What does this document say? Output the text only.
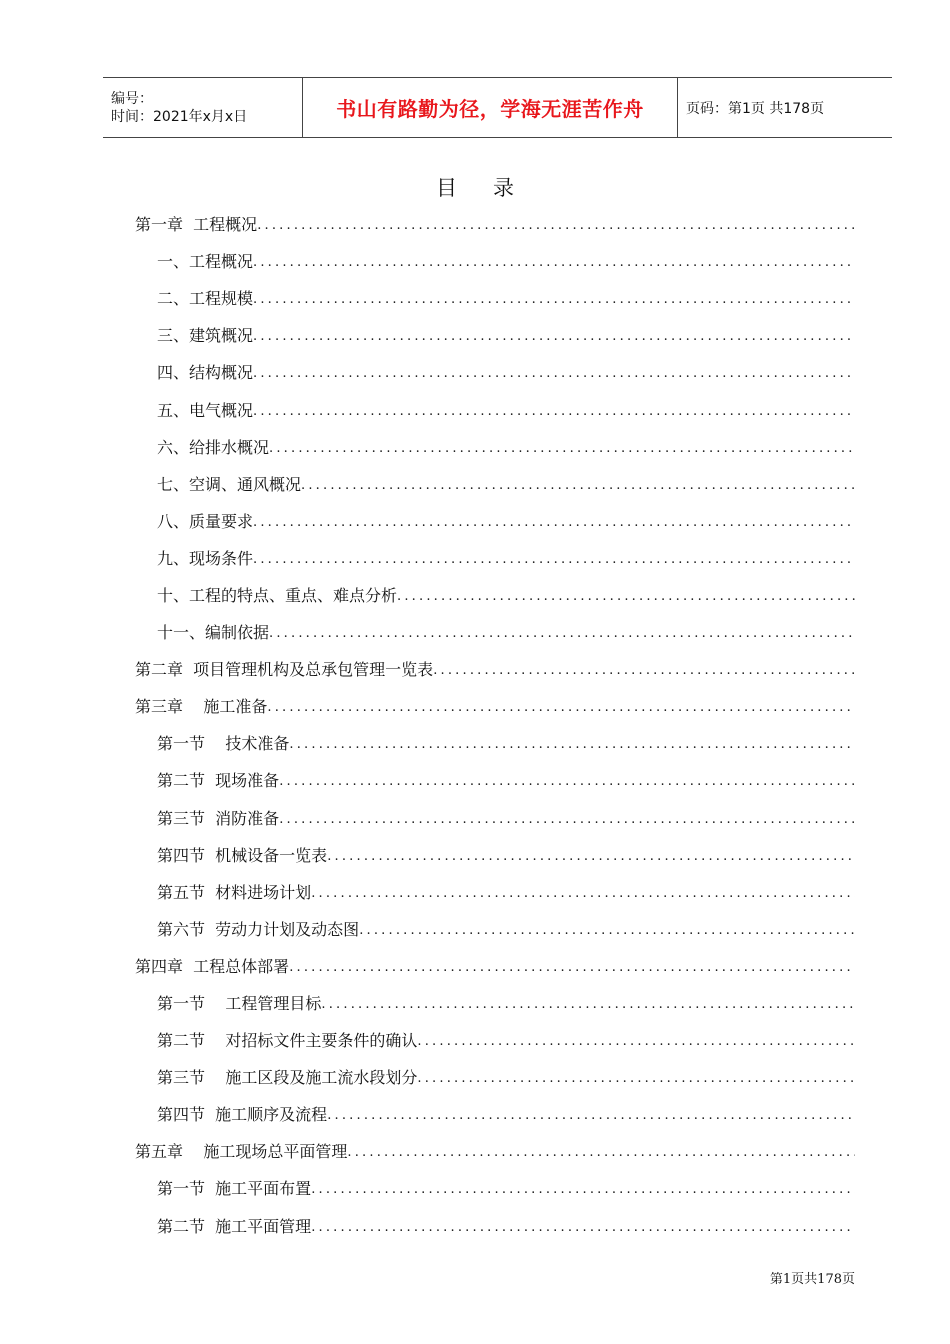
编号：
时间：2021年x月x日	书山有路勤为径，学海无涯苦作舟	页码：第1页 共178页
目录
第一章  工程概况
.....
一、工程概况
.....
二、工程规模
.....
三、建筑概况
.....
四、结构概况
.....
五、电气概况
.....
六、给排水概况
.....
七、空调、通风概况
.....
八、质量要求
.....
九、现场条件
.....
十、工程的特点、重点、难点分析
.....
十一、编制依据
.....
第二章  项目管理机构及总承包管理一览表
.....
第三章    施工准备
.....
第一节    技术准备
.....
第二节  现场准备
.....
第三节  消防准备
.....
第四节  机械设备一览表
.....
第五节  材料进场计划
.....
第六节  劳动力计划及动态图
.....
第四章  工程总体部署
.....
第一节    工程管理目标
.....
第二节    对招标文件主要条件的确认
.....
第三节    施工区段及施工流水段划分
.....
第四节  施工顺序及流程
.....
第五章    施工现场总平面管理
.....
第一节  施工平面布置
.....
第二节  施工平面管理
.....
第1页共178页
